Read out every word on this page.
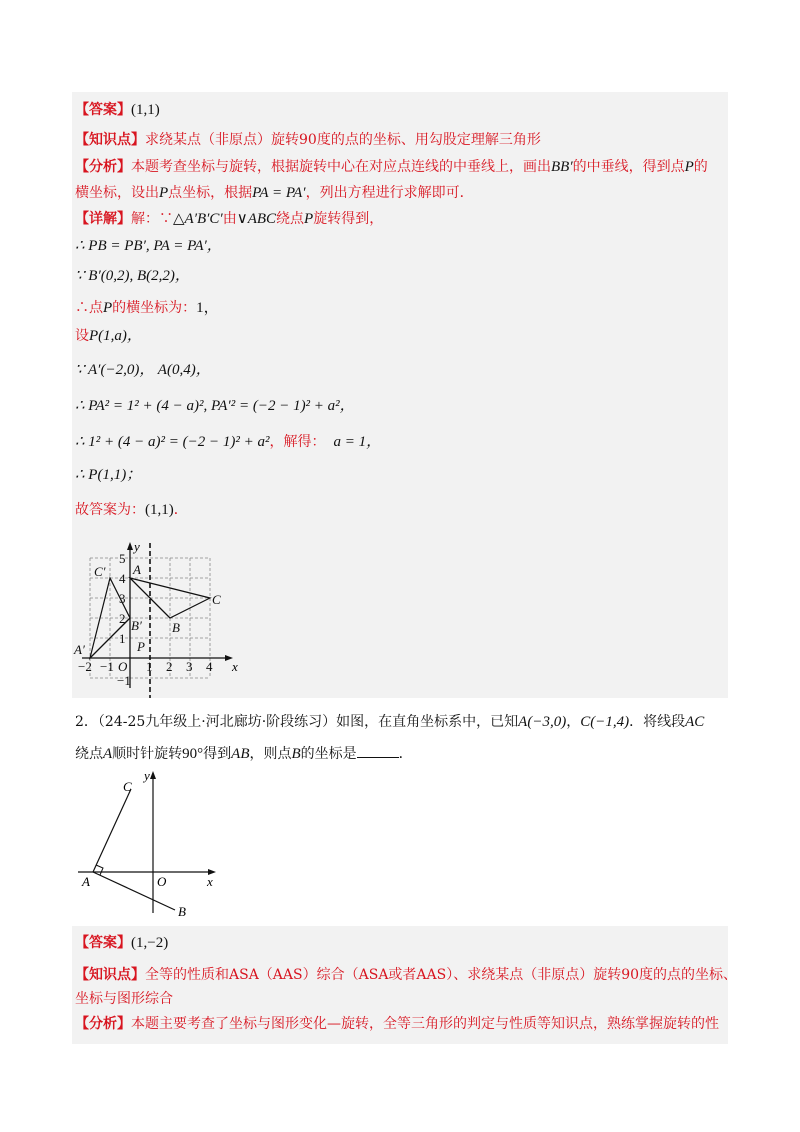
【答案】(1,1)
【知识点】求绕某点（非原点）旋转90度的点的坐标、用勾股定理解三角形
【分析】本题考查坐标与旋转，根据旋转中心在对应点连线的中垂线上，画出BB′的中垂线，得到点P的
横坐标，设出P点坐标，根据PA = PA′，列出方程进行求解即可．
【详解】解：∵△A′B′C′由∨ABC绕点P旋转得到，
∴ PB = PB′, PA = PA′，
∵ B′(0,2), B(2,2)，
∴点P的横坐标为：1，
设P(1,a)，
∵ A′(−2,0)， A(0,4)，
∴ PA² = 1² + (4 − a)², PA′² = (−2 − 1)² + a²，
∴ 1² + (4 − a)² = (−2 − 1)² + a²，解得： a = 1，
∴ P(1,1)；
故答案为：(1,1)．
x
y
−2 −1 O 1 2 3 4
5
4
3
2
1
−1
A
B
C
A′
B′
C′
P
2．（24-25九年级上·河北廊坊·阶段练习）如图，在直角坐标系中，已知A(−3,0)，C(−1,4)．将线段AC
绕点A顺时针旋转90°得到AB，则点B的坐标是	．
x
y
O
A
B
C
【答案】(1,−2)
【知识点】全等的性质和ASA（AAS）综合（ASA或者AAS）、求绕某点（非原点）旋转90度的点的坐标、
坐标与图形综合
【分析】本题主要考查了坐标与图形变化—旋转，全等三角形的判定与性质等知识点，熟练掌握旋转的性
